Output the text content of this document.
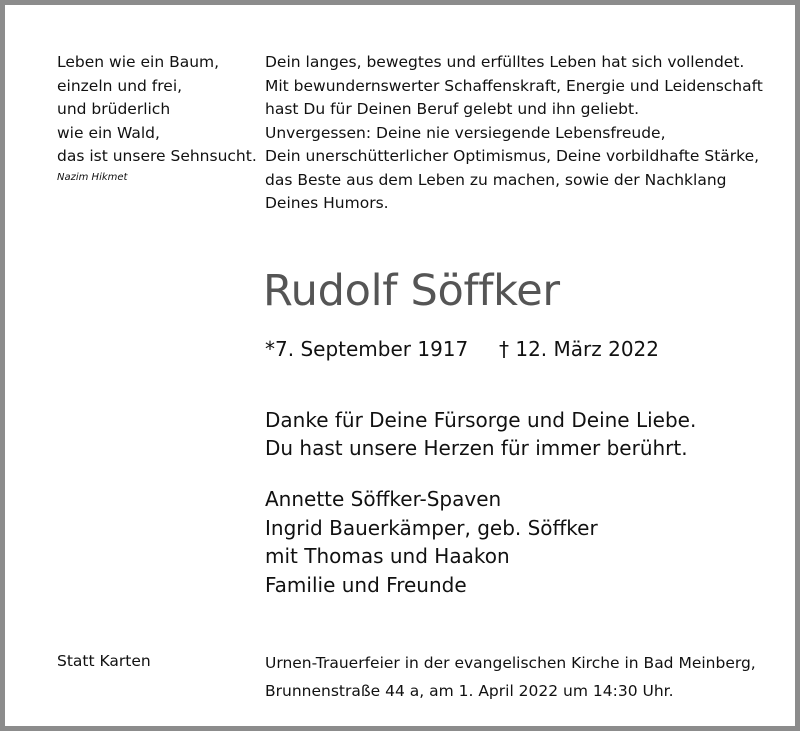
Leben wie ein Baum,
einzeln und frei,
und brüderlich
wie ein Wald,
das ist unsere Sehnsucht.
Nazim Hikmet
Dein langes, bewegtes und erfülltes Leben hat sich vollendet.
Mit bewundernswerter Schaffenskraft, Energie und Leidenschaft
hast Du für Deinen Beruf gelebt und ihn geliebt.
Unvergessen: Deine nie versiegende Lebensfreude,
Dein unerschütterlicher Optimismus, Deine vorbildhafte Stärke,
das Beste aus dem Leben zu machen, sowie der Nachklang
Deines Humors.
Rudolf Söffker
*7. September 1917 † 12. März 2022
Danke für Deine Fürsorge und Deine Liebe.
Du hast unsere Herzen für immer berührt.
Annette Söffker-Spaven
Ingrid Bauerkämper, geb. Söffker
mit Thomas und Haakon
Familie und Freunde
Statt Karten	Urnen-Trauerfeier in der evangelischen Kirche in Bad Meinberg,
Brunnenstraße 44 a, am 1. April 2022 um 14:30 Uhr.
